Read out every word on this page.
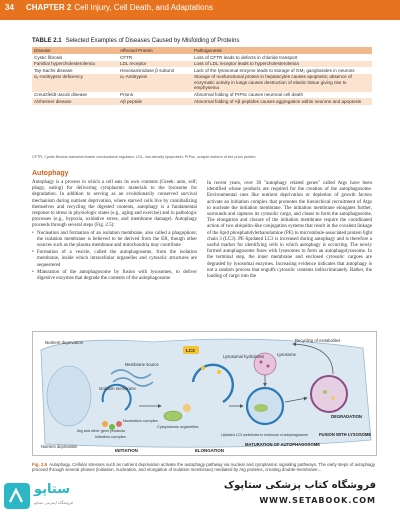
34 CHAPTER 2 Cell Injury, Cell Death, and Adaptations
TABLE 2.1 Selected Examples of Diseases Caused by Misfolding of Proteins
Disease	Affected Protein	Pathogenesis
Cystic fibrosis	CFTR	Loss of CFTR leads to defects in chloride transport
Familial hypercholesterolemia	LDL receptor	Loss of LDL receptor leads to hypercholesterolemia
Tay-Sachs disease	Hexosaminidase β subunit	Lack of the lysosomal enzyme leads to storage of GM₂ gangliosides in neurons
α₁-Antitrypsin deficiency	α₁-Antitrypsin	Storage of nonfunctional protein in hepatocytes causes apoptosis; absence of enzymatic activity in lungs causes destruction of elastic tissue giving rise to emphysema
Creutzfeldt-Jacob disease	Prions	Abnormal folding of PrPsc causes neuronal cell death
Alzheimer disease	Aβ peptide	Abnormal folding of Aβ peptides causes aggregation within neurons and apoptosis
CFTR, Cystic fibrosis transmembrane conductance regulator; LDL, low-density lipoprotein; PrPsc, scrapie isoform of the prion protein.
Autophagy

Autophagy is a process in which a cell eats its own contents (Greek: auto, self; phagy, eating) for delivering cytoplasmic materials to the lysosome for degradation. In addition to serving as an evolutionarily conserved survival mechanism during nutrient deprivation, where starved cells live by cannibalizing themselves and recycling the digested contents, autophagy is a fundamental response to stress in physiologic states (e.g., aging and exercise) and in pathologic processes (e.g., hypoxia, oxidative stress, and membrane damage). Autophagy proceeds through several steps (Fig. 2.5):

• Nucleation and formation of an isolation membrane, also called a phagophore; the isolation membrane is believed to be derived from the ER, though other sources such as the plasma membrane and mitochondria may contribute
• Formation of a vesicle, called the autophagosome, from the isolation membrane, inside which intracellular organelles and cytosolic structures are sequestered
• Maturation of the autophagosome by fusion with lysosomes, to deliver digestive enzymes that degrade the contents of the autophagosome

In recent years, over 30 "autophagy related genes" called Atgs have been identified whose products are required for the creation of the autophagosome. Environmental cues like nutrient deprivation or depletion of growth factors activate an initiation complex that promotes the hierarchical recruitment of Atgs to nucleate the initiation membrane. The initiation membrane elongates further, surrounds and captures its cytosolic cargo, and closes to form the autophagosome. The elongation and closure of the initiation membrane require the coordinated action of two ubiquitin-like conjugation systems that result in the covalent linkage of the lipid phosphatidylethanolamine (PE) to microtubule-associated protein light chain 3 (LC3). PE-lipidated LC3 is increased during autophagy and is therefore a useful marker for identifying cells in which autophagy is occurring. The newly formed autophagosome fuses with lysosomes to form an autophagolysosome. In the terminal step, the inner membrane and enclosed cytosolic cargoes are degraded by lysosomal enzymes. Increasing evidence indicates that autophagy is not a random process that engulfs cytosolic contents indiscriminately. Rather, the loading of cargo into the

Nutrient deprivation
Isolation membrane
Membrane source
LC3
Lysosome
Lysosomal hydrolases
Recycling of metabolites
DEGRADATION
Lipidated LC3 contributes to enclosure of autophagosome
Nucleation complex
Atg and other gene products
Cytoplasmic organelles
Initiation complex
Nutrient deprivation
INITIATION	ELONGATION
MATURATION OF AUTOPHAGOSOME
FUSION WITH LYSOSOME
Fig. 2.5 Autophagy. Cellular stresses such as nutrient deprivation activate the autophagy pathway via nuclear and cytoplasmic signaling pathways. The early steps of autophagy proceed through several phases (initiation, nucleation, and elongation of isolation membrane) mediated by Atg proteins, creating double-membrane...
ستاپو
فروشگاه اینترنتی ستاپو
فروشگاه کتاب پزشکی ستاپوک
WWW.SETABOOK.COM
